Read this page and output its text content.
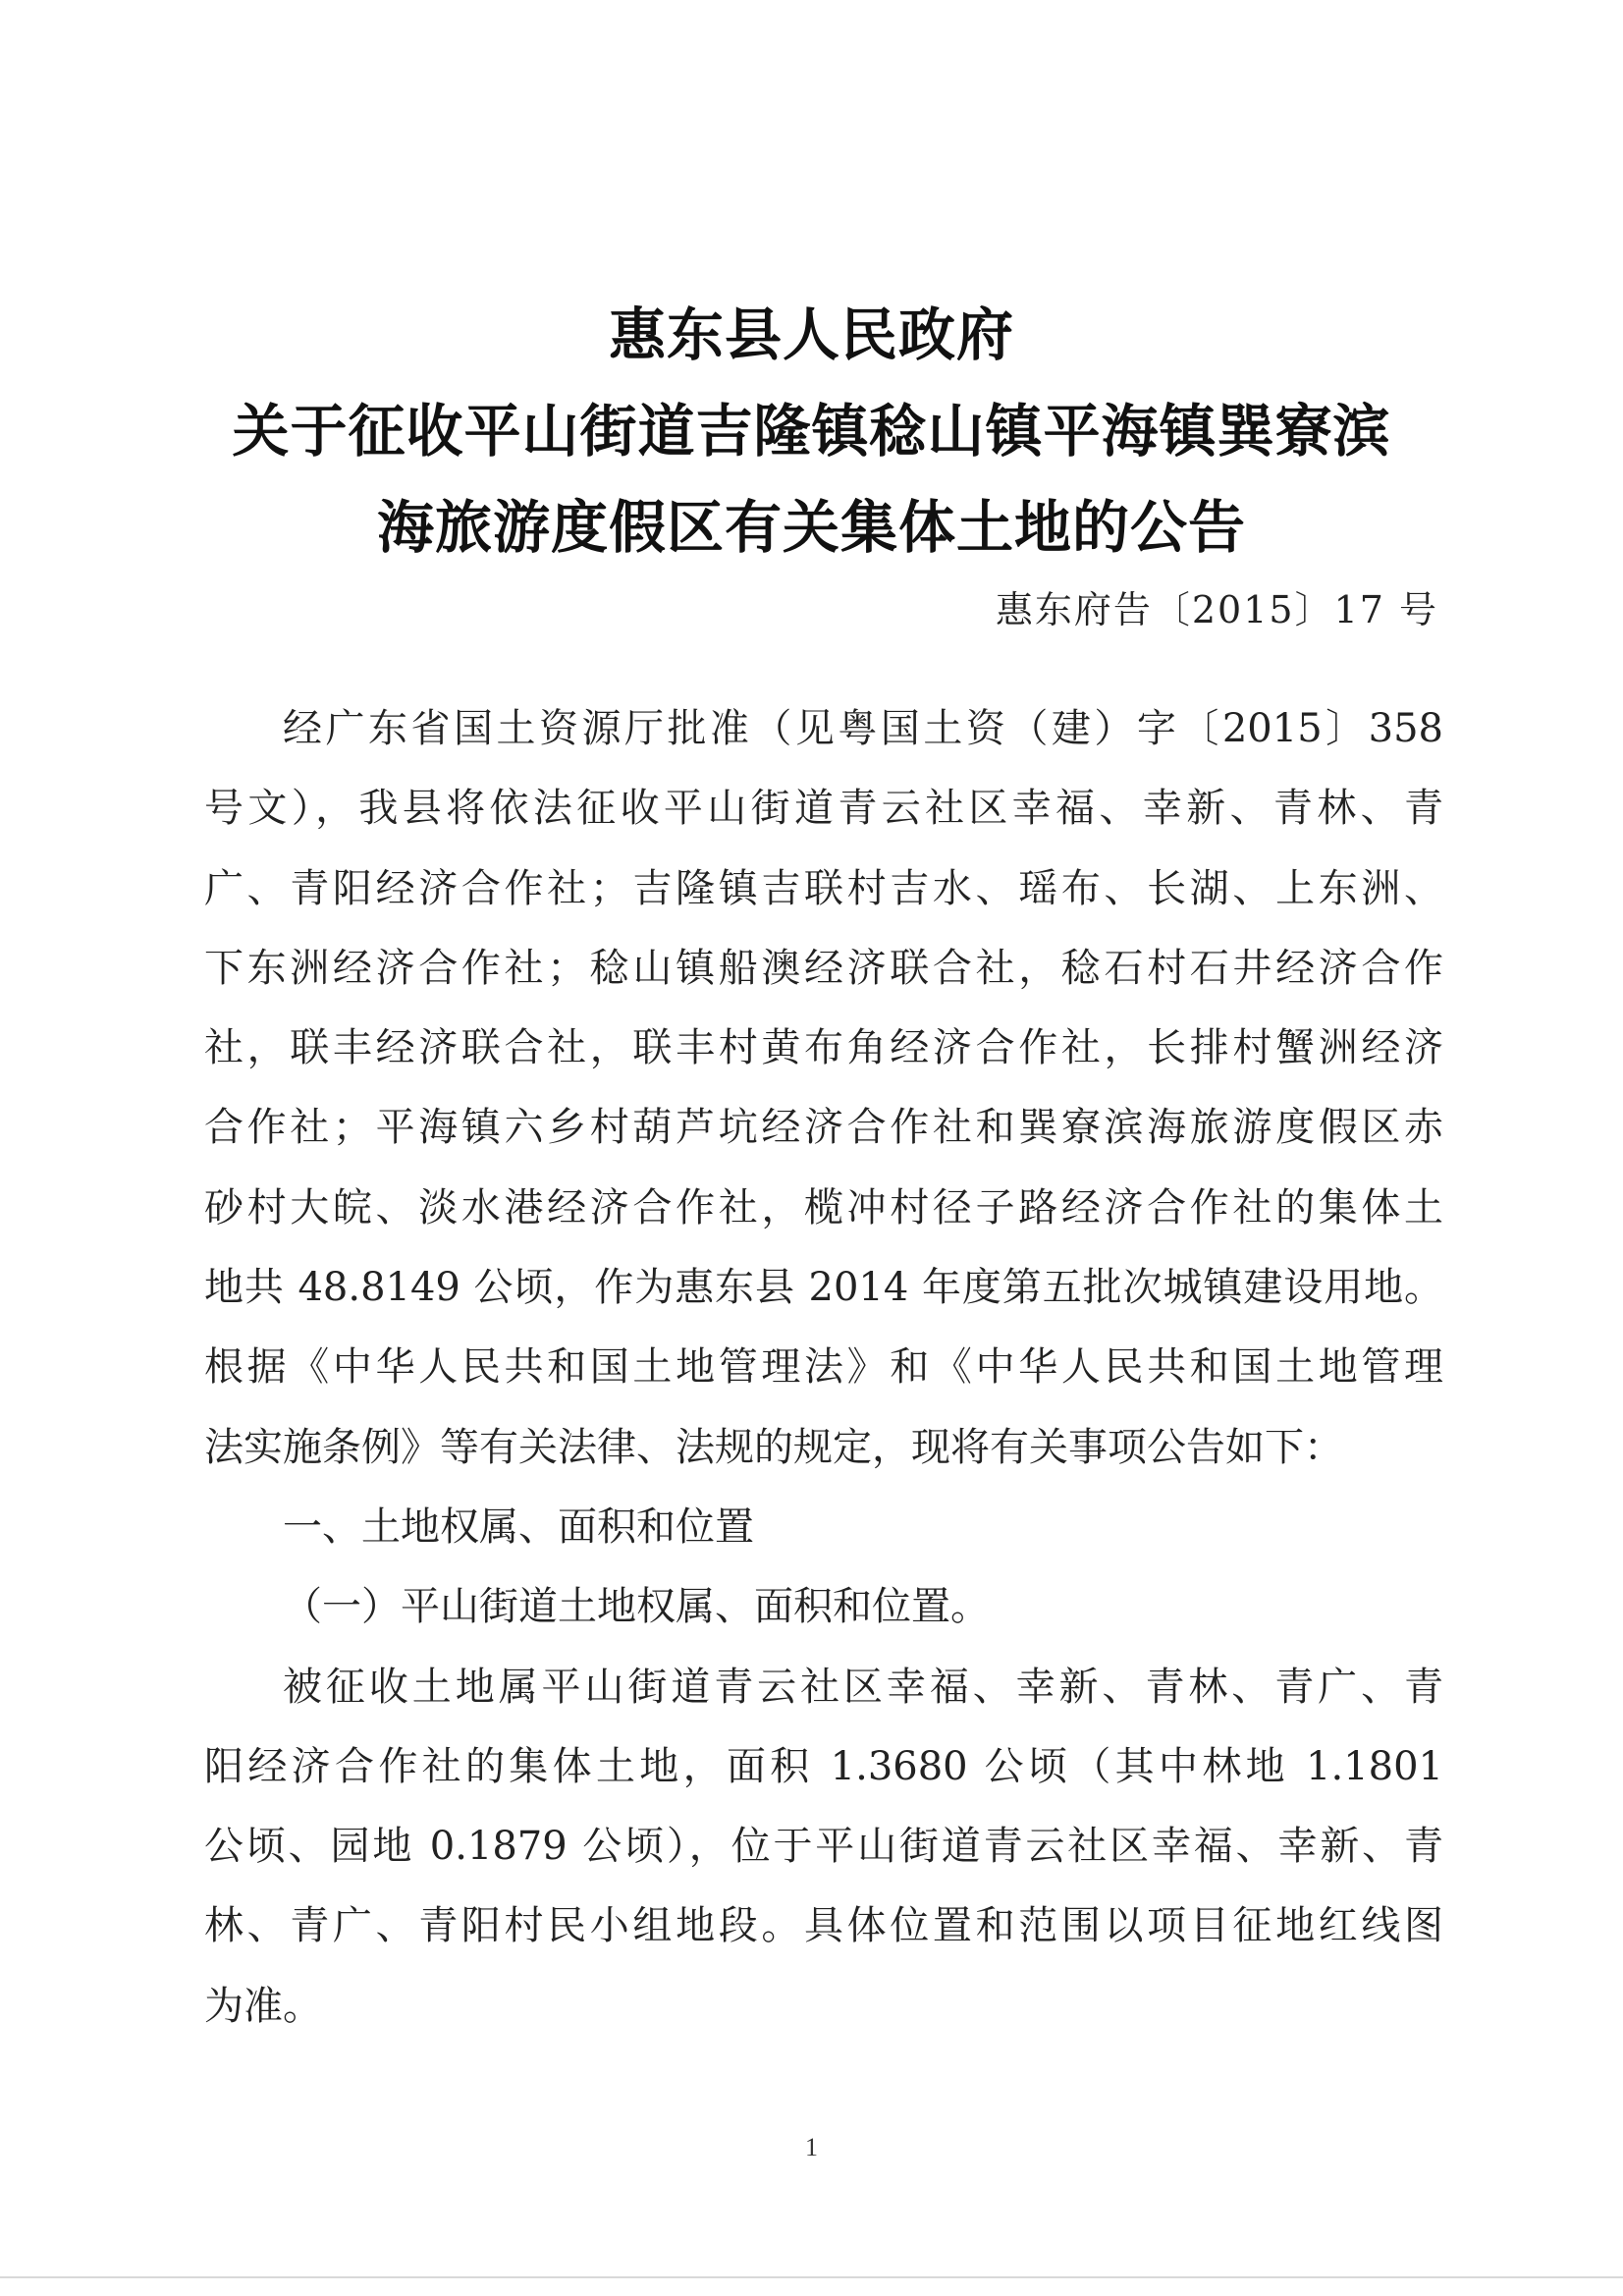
惠东县人民政府
关于征收平山街道吉隆镇稔山镇平海镇巽寮滨
海旅游度假区有关集体土地的公告
惠东府告〔2015〕17 号
经广东省国土资源厅批准（见粤国土资（建）字〔2015〕358
号文），我县将依法征收平山街道青云社区幸福、幸新、青林、青
广、青阳经济合作社；吉隆镇吉联村吉水、瑶布、长湖、上东洲、
下东洲经济合作社；稔山镇船澳经济联合社，稔石村石井经济合作
社，联丰经济联合社，联丰村黄布角经济合作社，长排村蟹洲经济
合作社；平海镇六乡村葫芦坑经济合作社和巽寮滨海旅游度假区赤
砂村大皖、淡水港经济合作社，榄冲村径子路经济合作社的集体土
地共 48.8149 公顷，作为惠东县 2014 年度第五批次城镇建设用地。
根据《中华人民共和国土地管理法》和《中华人民共和国土地管理
法实施条例》等有关法律、法规的规定，现将有关事项公告如下：
一、土地权属、面积和位置
（一）平山街道土地权属、面积和位置。
被征收土地属平山街道青云社区幸福、幸新、青林、青广、青
阳经济合作社的集体土地，面积 1.3680 公顷（其中林地 1.1801
公顷、园地 0.1879 公顷），位于平山街道青云社区幸福、幸新、青
林、青广、青阳村民小组地段。具体位置和范围以项目征地红线图
为准。
1
